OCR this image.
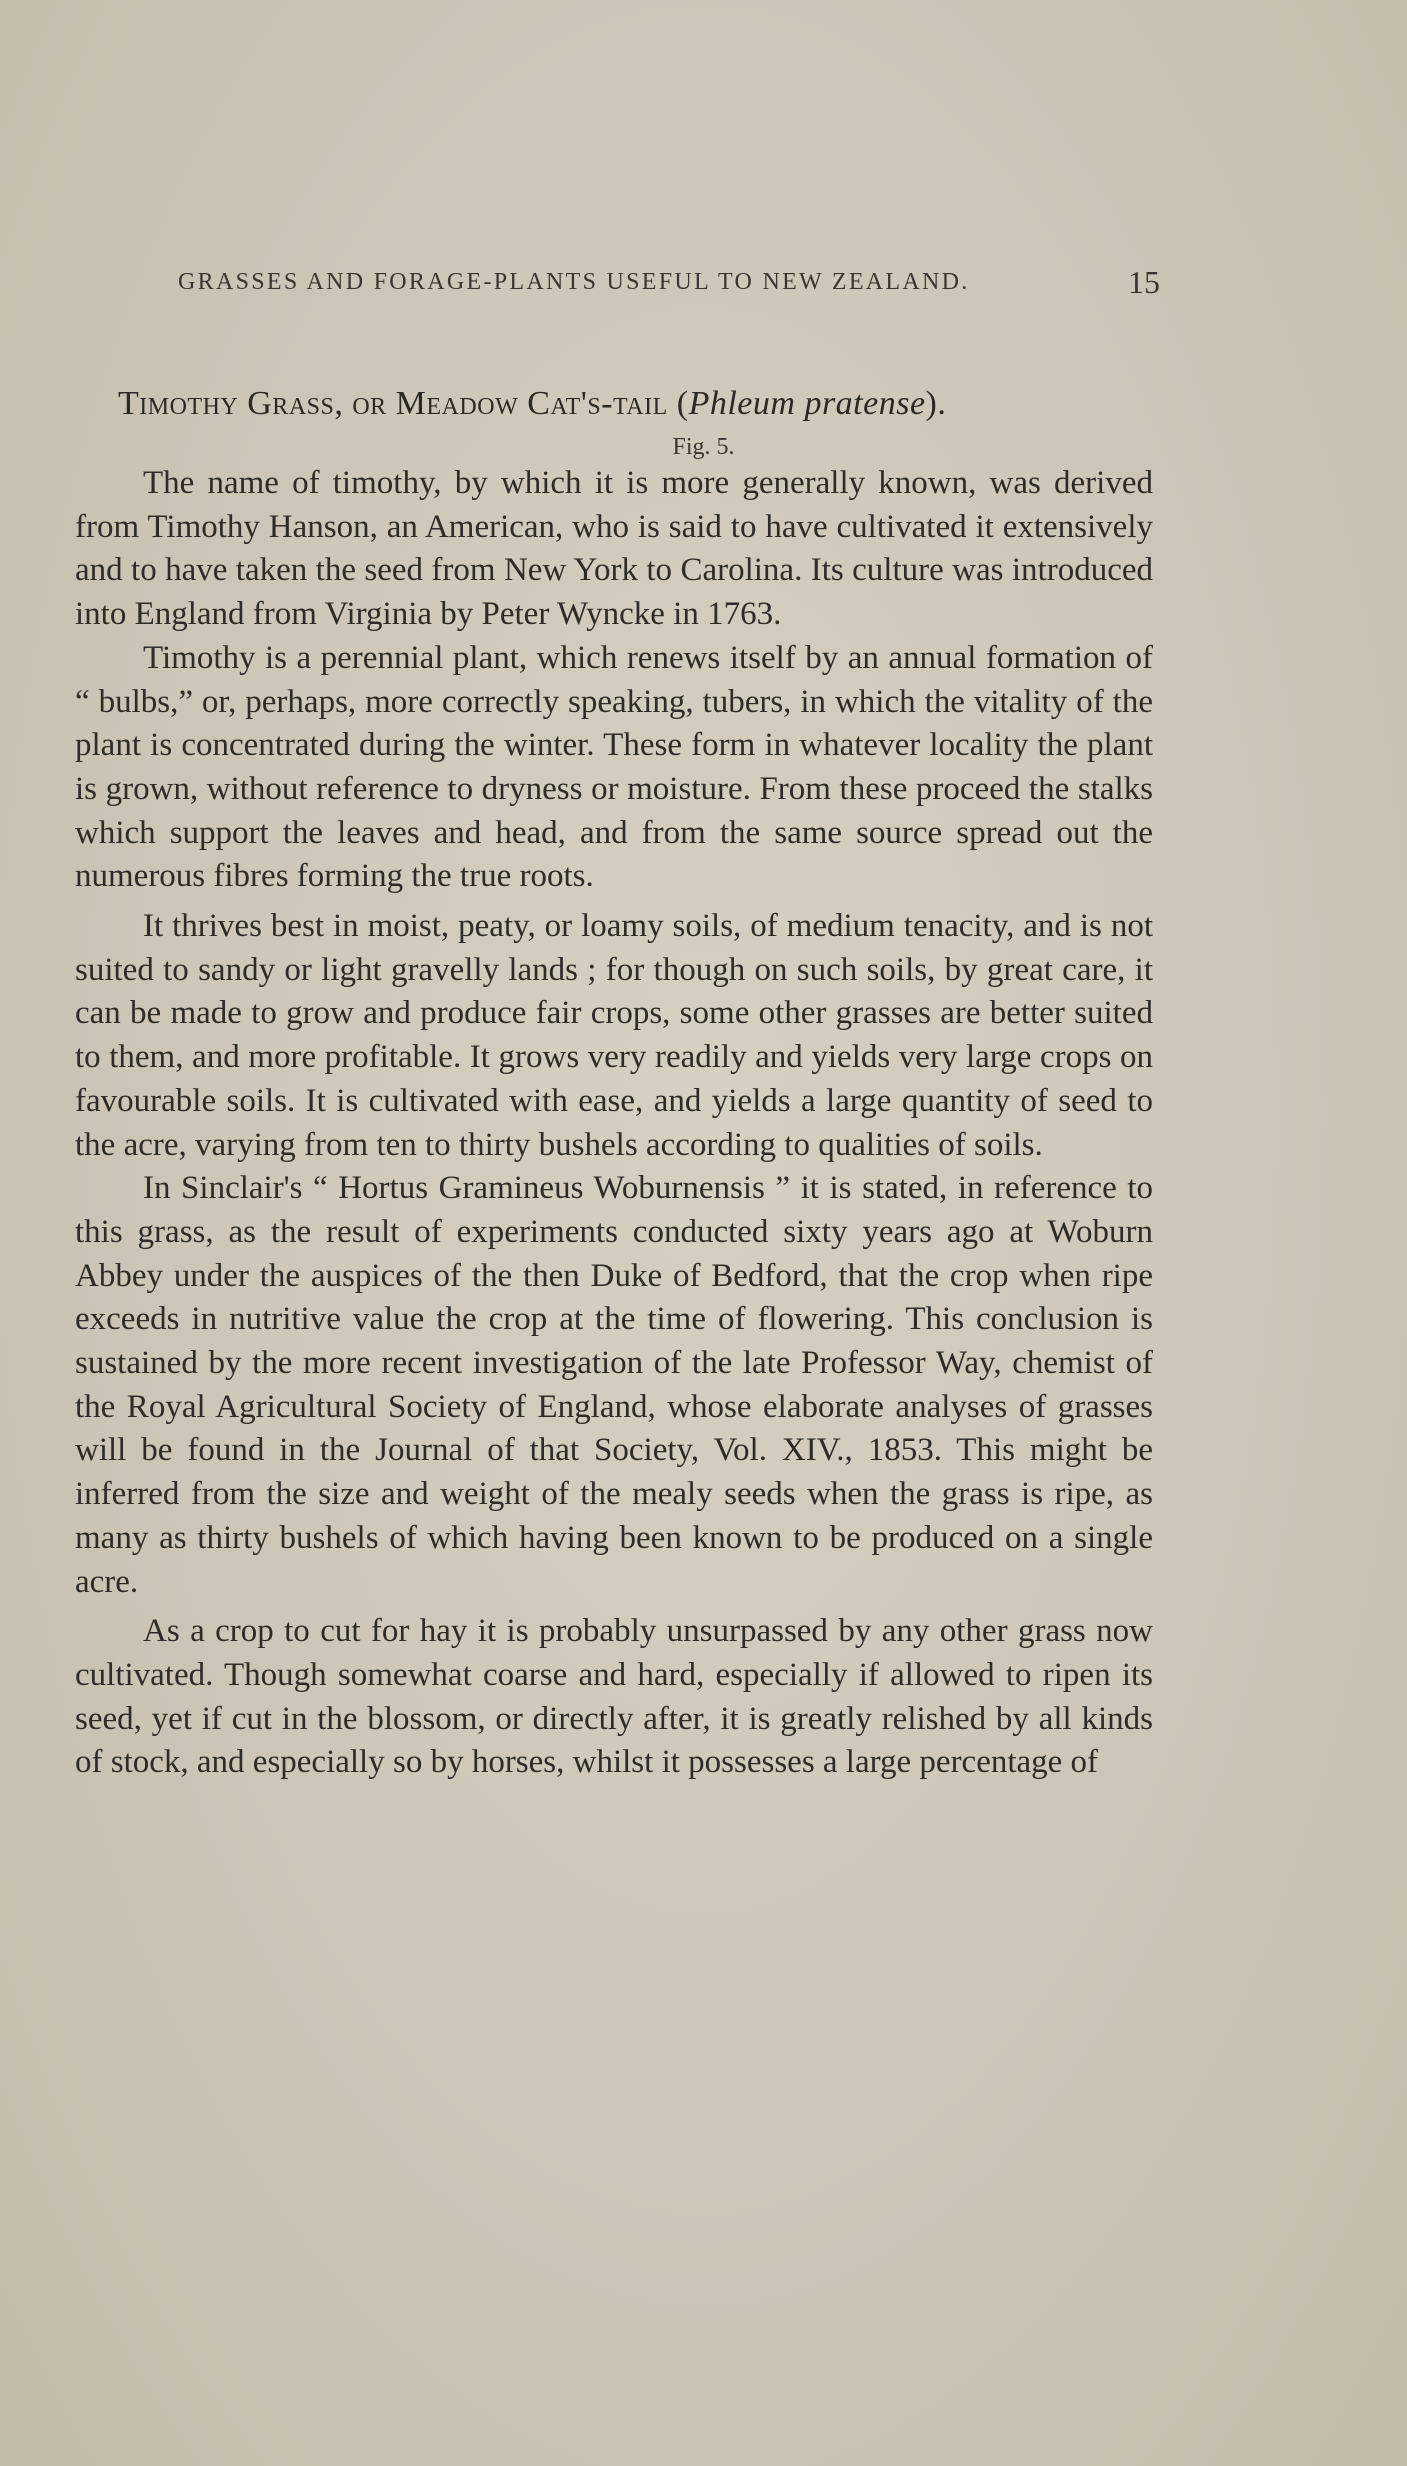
GRASSES AND FORAGE-PLANTS USEFUL TO NEW ZEALAND.	15
Timothy Grass, or Meadow Cat's-tail (Phleum pratense).
Fig. 5.

The name of timothy, by which it is more generally known, was derived from Timothy Hanson, an American, who is said to have cultivated it extensively and to have taken the seed from New York to Carolina. Its culture was introduced into England from Virginia by Peter Wyncke in 1763.

Timothy is a perennial plant, which renews itself by an annual formation of “ bulbs,” or, perhaps, more correctly speaking, tubers, in which the vitality of the plant is concentrated during the winter. These form in whatever locality the plant is grown, without reference to dryness or moisture. From these proceed the stalks which support the leaves and head, and from the same source spread out the numerous fibres forming the true roots.

It thrives best in moist, peaty, or loamy soils, of medium tenacity, and is not suited to sandy or light gravelly lands ; for though on such soils, by great care, it can be made to grow and produce fair crops, some other grasses are better suited to them, and more profitable. It grows very readily and yields very large crops on favourable soils. It is cultivated with ease, and yields a large quantity of seed to the acre, varying from ten to thirty bushels according to qualities of soils.

In Sinclair's “ Hortus Gramineus Woburnensis ” it is stated, in reference to this grass, as the result of experiments conducted sixty years ago at Woburn Abbey under the auspices of the then Duke of Bedford, that the crop when ripe exceeds in nutritive value the crop at the time of flowering. This conclusion is sustained by the more recent investigation of the late Professor Way, chemist of the Royal Agricultural Society of England, whose elaborate analyses of grasses will be found in the Journal of that Society, Vol. XIV., 1853. This might be inferred from the size and weight of the mealy seeds when the grass is ripe, as many as thirty bushels of which having been known to be produced on a single acre.

As a crop to cut for hay it is probably unsurpassed by any other grass now cultivated. Though somewhat coarse and hard, especially if allowed to ripen its seed, yet if cut in the blossom, or directly after, it is greatly relished by all kinds of stock, and especially so by horses, whilst it possesses a large percentage of
